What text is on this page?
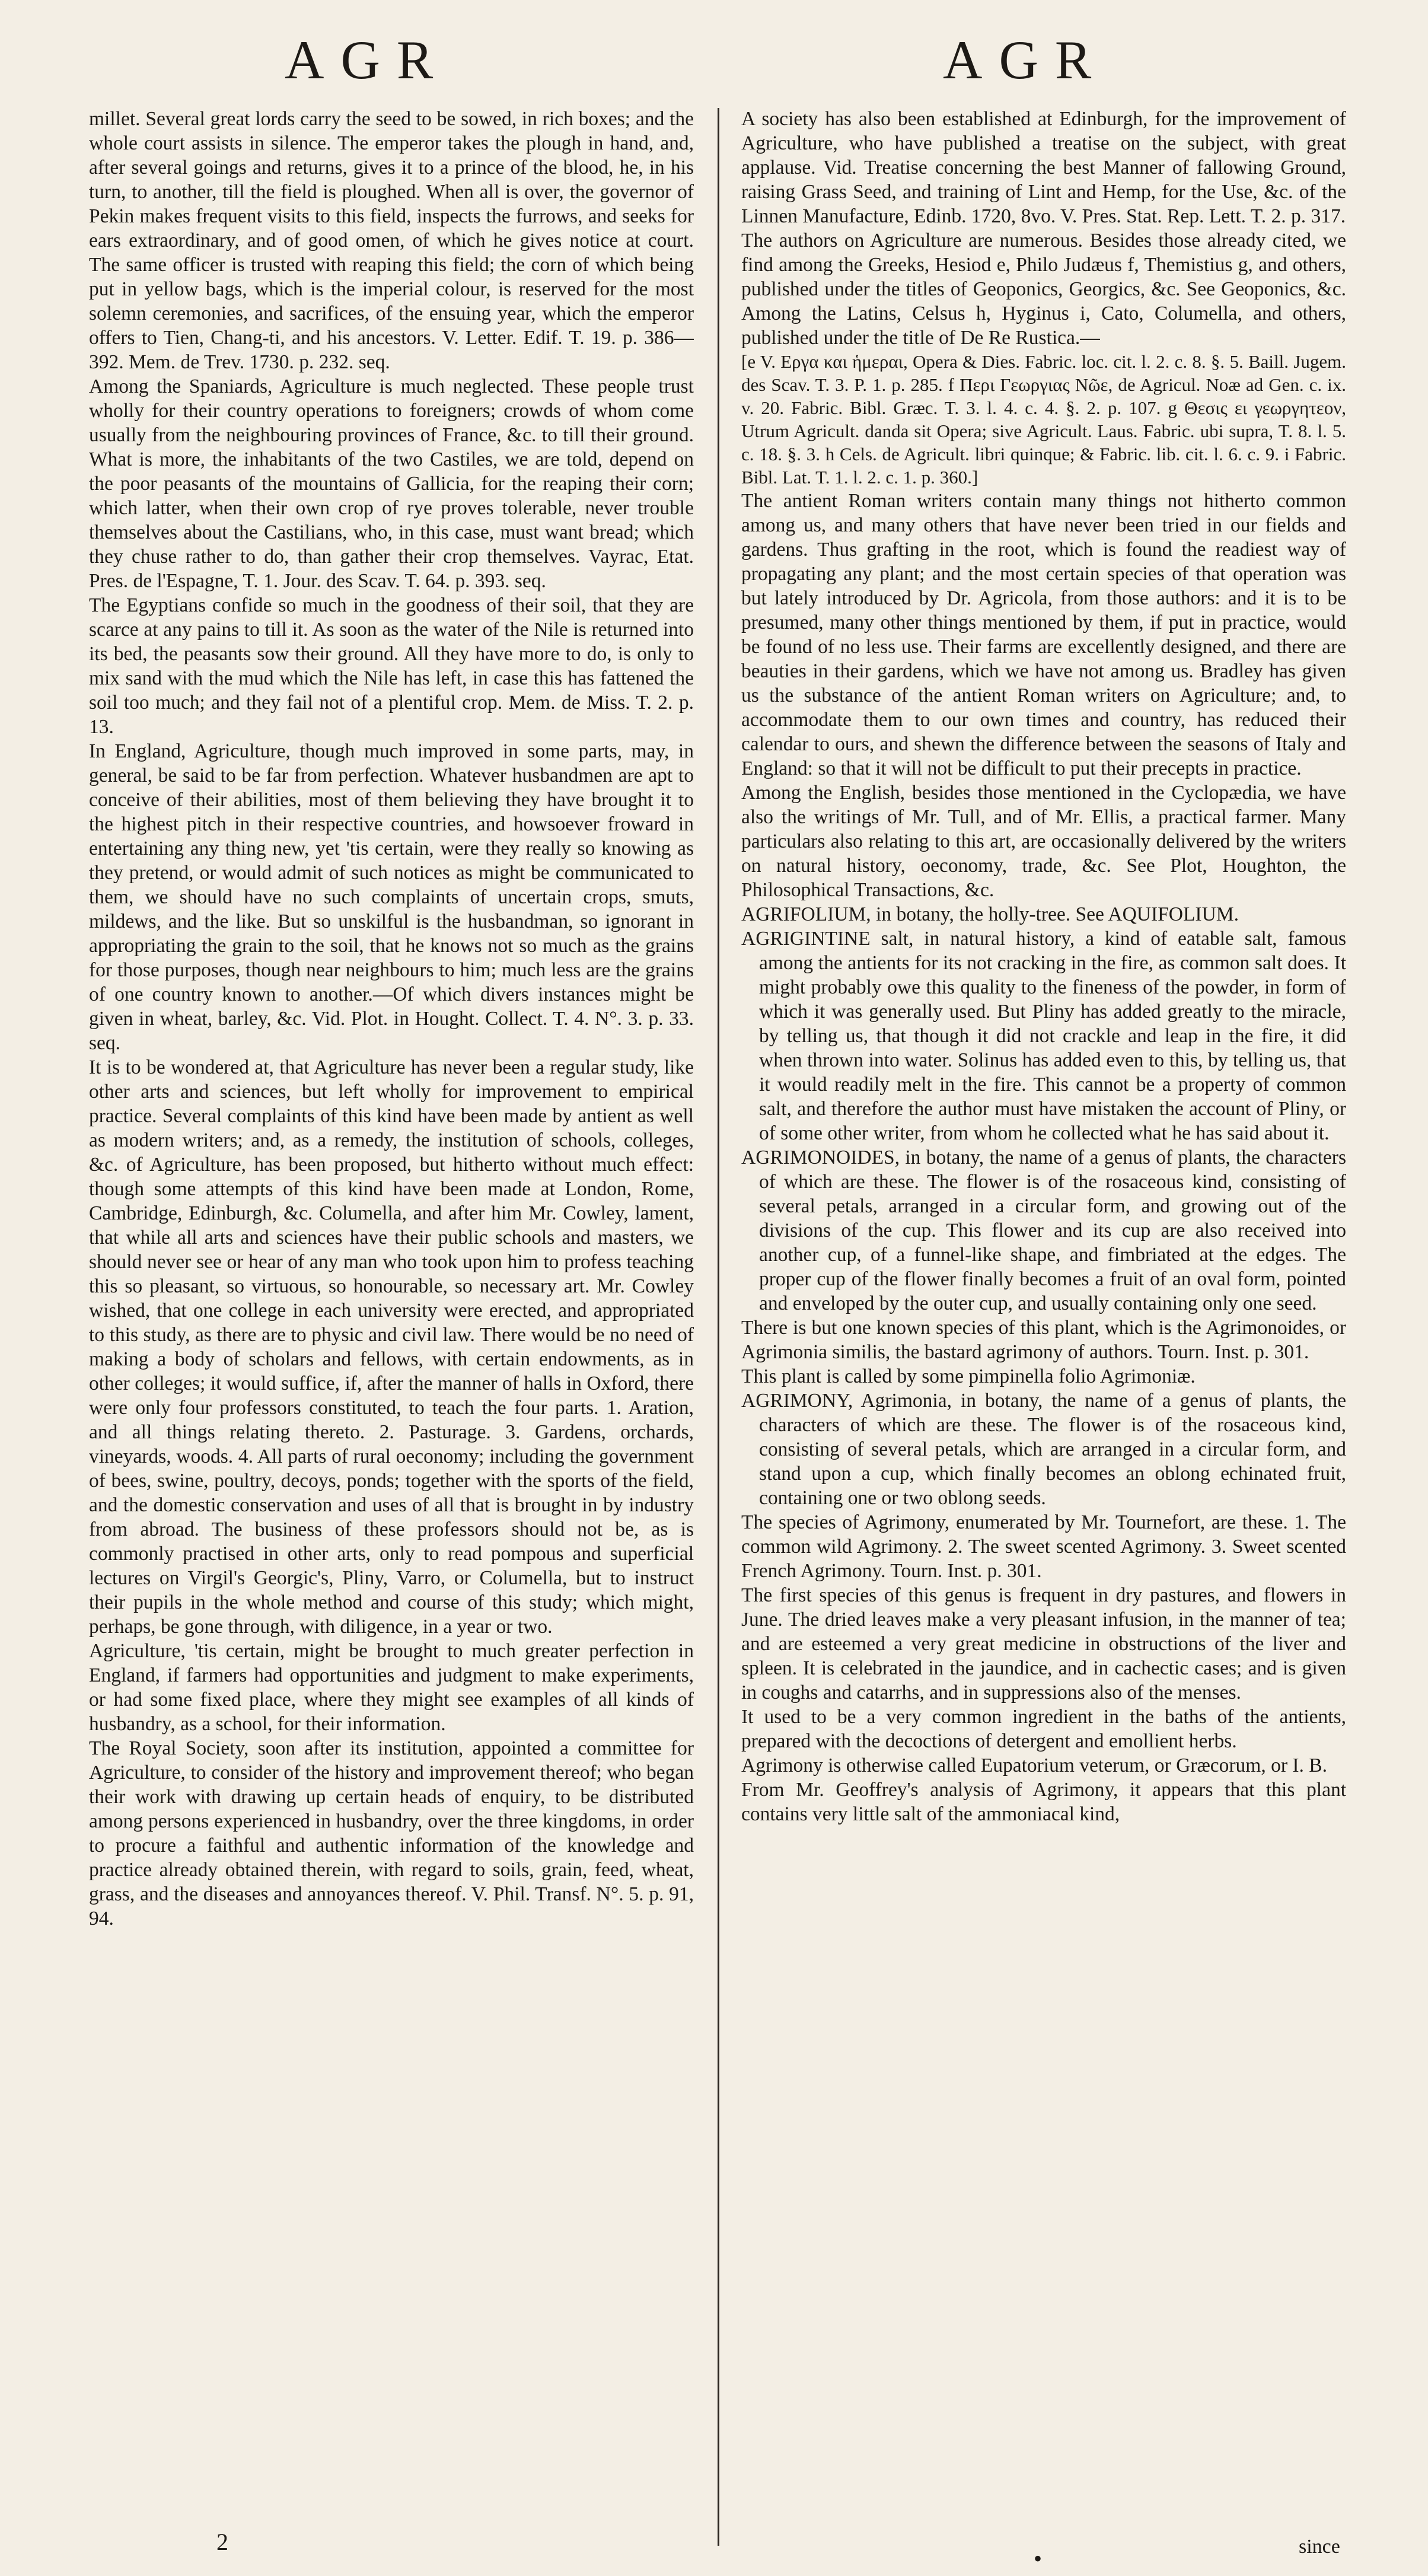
AGR	AGR

millet. Several great lords carry the seed to be sowed, in rich boxes; and the whole court assists in silence. The emperor takes the plough in hand, and, after several goings and returns, gives it to a prince of the blood, he, in his turn, to another, till the field is ploughed. When all is over, the governor of Pekin makes frequent visits to this field, inspects the furrows, and seeks for ears extraordinary, and of good omen, of which he gives notice at court. The same officer is trusted with reaping this field; the corn of which being put in yellow bags, which is the imperial colour, is reserved for the most solemn ceremonies, and sacrifices, of the ensuing year, which the emperor offers to Tien, Chang-ti, and his ancestors. V. Letter. Edif. T. 19. p. 386—392. Mem. de Trev. 1730. p. 232. seq.

Among the Spaniards, Agriculture is much neglected. These people trust wholly for their country operations to foreigners; crowds of whom come usually from the neighbouring provinces of France, &c. to till their ground. What is more, the inhabitants of the two Castiles, we are told, depend on the poor peasants of the mountains of Gallicia, for the reaping their corn; which latter, when their own crop of rye proves tolerable, never trouble themselves about the Castilians, who, in this case, must want bread; which they chuse rather to do, than gather their crop themselves. Vayrac, Etat. Pres. de l'Espagne, T. 1. Jour. des Scav. T. 64. p. 393. seq.

The Egyptians confide so much in the goodness of their soil, that they are scarce at any pains to till it. As soon as the water of the Nile is returned into its bed, the peasants sow their ground. All they have more to do, is only to mix sand with the mud which the Nile has left, in case this has fattened the soil too much; and they fail not of a plentiful crop. Mem. de Miss. T. 2. p. 13.

In England, Agriculture, though much improved in some parts, may, in general, be said to be far from perfection. Whatever husbandmen are apt to conceive of their abilities, most of them believing they have brought it to the highest pitch in their respective countries, and howsoever froward in entertaining any thing new, yet 'tis certain, were they really so knowing as they pretend, or would admit of such notices as might be communicated to them, we should have no such complaints of uncertain crops, smuts, mildews, and the like. But so unskilful is the husbandman, so ignorant in appropriating the grain to the soil, that he knows not so much as the grains for those purposes, though near neighbours to him; much less are the grains of one country known to another.—Of which divers instances might be given in wheat, barley, &c. Vid. Plot. in Hought. Collect. T. 4. N°. 3. p. 33. seq.

It is to be wondered at, that Agriculture has never been a regular study, like other arts and sciences, but left wholly for improvement to empirical practice. Several complaints of this kind have been made by antient as well as modern writers; and, as a remedy, the institution of schools, colleges, &c. of Agriculture, has been proposed, but hitherto without much effect: though some attempts of this kind have been made at London, Rome, Cambridge, Edinburgh, &c. Columella, and after him Mr. Cowley, lament, that while all arts and sciences have their public schools and masters, we should never see or hear of any man who took upon him to profess teaching this so pleasant, so virtuous, so honourable, so necessary art. Mr. Cowley wished, that one college in each university were erected, and appropriated to this study, as there are to physic and civil law. There would be no need of making a body of scholars and fellows, with certain endowments, as in other colleges; it would suffice, if, after the manner of halls in Oxford, there were only four professors constituted, to teach the four parts. 1. Aration, and all things relating thereto. 2. Pasturage. 3. Gardens, orchards, vineyards, woods. 4. All parts of rural oeconomy; including the government of bees, swine, poultry, decoys, ponds; together with the sports of the field, and the domestic conservation and uses of all that is brought in by industry from abroad. The business of these professors should not be, as is commonly practised in other arts, only to read pompous and superficial lectures on Virgil's Georgic's, Pliny, Varro, or Columella, but to instruct their pupils in the whole method and course of this study; which might, perhaps, be gone through, with diligence, in a year or two.

Agriculture, 'tis certain, might be brought to much greater perfection in England, if farmers had opportunities and judgment to make experiments, or had some fixed place, where they might see examples of all kinds of husbandry, as a school, for their information.

The Royal Society, soon after its institution, appointed a committee for Agriculture, to consider of the history and improvement thereof; who began their work with drawing up certain heads of enquiry, to be distributed among persons experienced in husbandry, over the three kingdoms, in order to procure a faithful and authentic information of the knowledge and practice already obtained therein, with regard to soils, grain, feed, wheat, grass, and the diseases and annoyances thereof. V. Phil. Transf. N°. 5. p. 91, 94.

A society has also been established at Edinburgh, for the improvement of Agriculture, who have published a treatise on the subject, with great applause. Vid. Treatise concerning the best Manner of fallowing Ground, raising Grass Seed, and training of Lint and Hemp, for the Use, &c. of the Linnen Manufacture, Edinb. 1720, 8vo. V. Pres. Stat. Rep. Lett. T. 2. p. 317.

The authors on Agriculture are numerous. Besides those already cited, we find among the Greeks, Hesiod e, Philo Judæus f, Themistius g, and others, published under the titles of Geoponics, Georgics, &c. See Geoponics, &c. Among the Latins, Celsus h, Hyginus i, Cato, Columella, and others, published under the title of De Re Rustica.—

[e V. Εργα και ἡμεραι, Opera & Dies. Fabric. loc. cit. l. 2. c. 8. §. 5. Baill. Jugem. des Scav. T. 3. P. 1. p. 285. f Περι Γεωργιας Νῶε, de Agricul. Noæ ad Gen. c. ix. v. 20. Fabric. Bibl. Græc. T. 3. l. 4. c. 4. §. 2. p. 107. g Θεσις ει γεωργητεον, Utrum Agricult. danda sit Opera; sive Agricult. Laus. Fabric. ubi supra, T. 8. l. 5. c. 18. §. 3. h Cels. de Agricult. libri quinque; & Fabric. lib. cit. l. 6. c. 9. i Fabric. Bibl. Lat. T. 1. l. 2. c. 1. p. 360.]

The antient Roman writers contain many things not hitherto common among us, and many others that have never been tried in our fields and gardens. Thus grafting in the root, which is found the readiest way of propagating any plant; and the most certain species of that operation was but lately introduced by Dr. Agricola, from those authors: and it is to be presumed, many other things mentioned by them, if put in practice, would be found of no less use. Their farms are excellently designed, and there are beauties in their gardens, which we have not among us. Bradley has given us the substance of the antient Roman writers on Agriculture; and, to accommodate them to our own times and country, has reduced their calendar to ours, and shewn the difference between the seasons of Italy and England: so that it will not be difficult to put their precepts in practice.

Among the English, besides those mentioned in the Cyclopædia, we have also the writings of Mr. Tull, and of Mr. Ellis, a practical farmer. Many particulars also relating to this art, are occasionally delivered by the writers on natural history, oeconomy, trade, &c. See Plot, Houghton, the Philosophical Transactions, &c.

AGRIFOLIUM, in botany, the holly-tree. See AQUIFOLIUM.

AGRIGINTINE salt, in natural history, a kind of eatable salt, famous among the antients for its not cracking in the fire, as common salt does. It might probably owe this quality to the fineness of the powder, in form of which it was generally used. But Pliny has added greatly to the miracle, by telling us, that though it did not crackle and leap in the fire, it did when thrown into water. Solinus has added even to this, by telling us, that it would readily melt in the fire. This cannot be a property of common salt, and therefore the author must have mistaken the account of Pliny, or of some other writer, from whom he collected what he has said about it.

AGRIMONOIDES, in botany, the name of a genus of plants, the characters of which are these. The flower is of the rosaceous kind, consisting of several petals, arranged in a circular form, and growing out of the divisions of the cup. This flower and its cup are also received into another cup, of a funnel-like shape, and fimbriated at the edges. The proper cup of the flower finally becomes a fruit of an oval form, pointed and enveloped by the outer cup, and usually containing only one seed.

There is but one known species of this plant, which is the Agrimonoides, or Agrimonia similis, the bastard agrimony of authors. Tourn. Inst. p. 301.

This plant is called by some pimpinella folio Agrimoniæ.

AGRIMONY, Agrimonia, in botany, the name of a genus of plants, the characters of which are these. The flower is of the rosaceous kind, consisting of several petals, which are arranged in a circular form, and stand upon a cup, which finally becomes an oblong echinated fruit, containing one or two oblong seeds.

The species of Agrimony, enumerated by Mr. Tournefort, are these. 1. The common wild Agrimony. 2. The sweet scented Agrimony. 3. Sweet scented French Agrimony. Tourn. Inst. p. 301.

The first species of this genus is frequent in dry pastures, and flowers in June. The dried leaves make a very pleasant infusion, in the manner of tea; and are esteemed a very great medicine in obstructions of the liver and spleen. It is celebrated in the jaundice, and in cachectic cases; and is given in coughs and catarrhs, and in suppressions also of the menses.

It used to be a very common ingredient in the baths of the antients, prepared with the decoctions of detergent and emollient herbs.

Agrimony is otherwise called Eupatorium veterum, or Græcorum, or I. B.

From Mr. Geoffrey's analysis of Agrimony, it appears that this plant contains very little salt of the ammoniacal kind,

2
•	since
